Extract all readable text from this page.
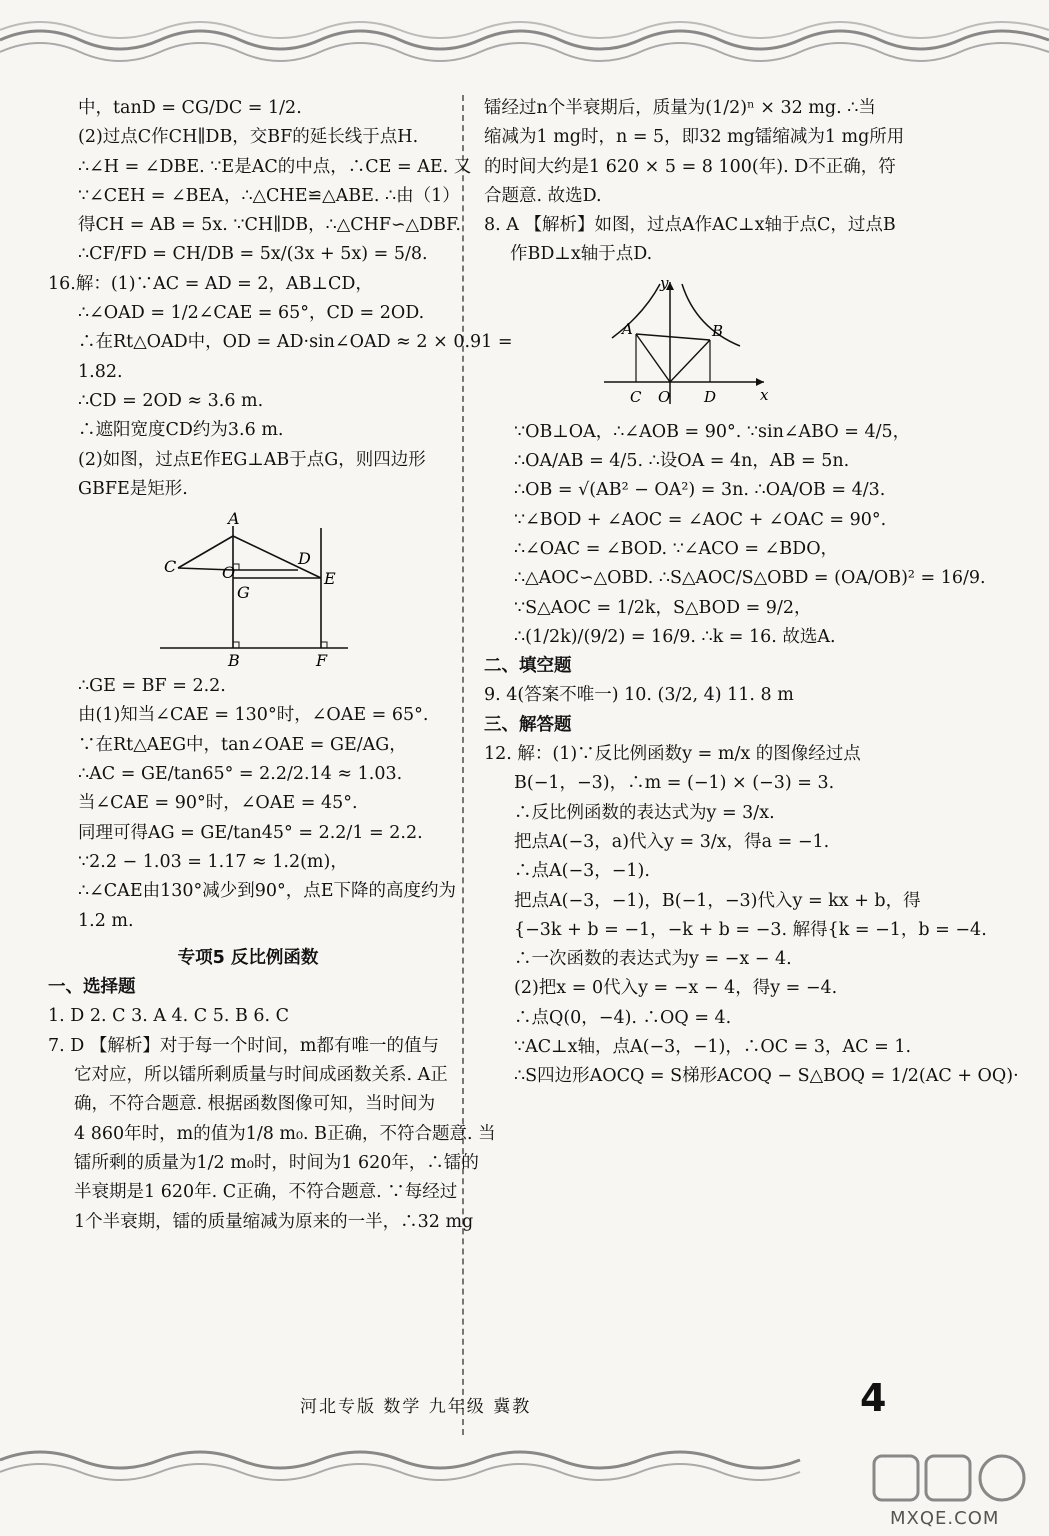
中，tanD = CG/DC = 1/2.
(2)过点C作CH∥DB，交BF的延长线于点H.
∴∠H = ∠DBE. ∵E是AC的中点，∴CE = AE. 又
∵∠CEH = ∠BEA，∴△CHE≌△ABE. ∴由（1）
得CH = AB = 5x. ∵CH∥DB，∴△CHF∽△DBF.
∴CF/FD = CH/DB = 5x/(3x + 5x) = 5/8.
16.解：(1)∵AC = AD = 2，AB⊥CD，
∴∠OAD = 1/2∠CAE = 65°，CD = 2OD.
∴在Rt△OAD中，OD = AD·sin∠OAD ≈ 2 × 0.91 =
1.82.
∴CD = 2OD ≈ 3.6 m.
∴遮阳宽度CD约为3.6 m.
(2)如图，过点E作EG⊥AB于点G，则四边形
GBFE是矩形.
A
C	O
G
D
E
B	F
∴GE = BF = 2.2.
由(1)知当∠CAE = 130°时，∠OAE = 65°.
∵在Rt△AEG中，tan∠OAE = GE/AG，
∴AC = GE/tan65° = 2.2/2.14 ≈ 1.03.
当∠CAE = 90°时，∠OAE = 45°.
同理可得AG = GE/tan45° = 2.2/1 = 2.2.
∵2.2 − 1.03 = 1.17 ≈ 1.2(m)，
∴∠CAE由130°减少到90°，点E下降的高度约为
1.2 m.
专项5 反比例函数
一、选择题
1. D 2. C 3. A 4. C 5. B 6. C
7. D 【解析】对于每一个时间，m都有唯一的值与
它对应，所以镭所剩质量与时间成函数关系. A正
确，不符合题意. 根据函数图像可知，当时间为
4 860年时，m的值为1/8 m₀. B正确，不符合题意. 当
镭所剩的质量为1/2 m₀时，时间为1 620年，∴镭的
半衰期是1 620年. C正确，不符合题意. ∵每经过
1个半衰期，镭的质量缩减为原来的一半，∴32 mg
镭经过n个半衰期后，质量为(1/2)ⁿ × 32 mg. ∴当
缩减为1 mg时，n = 5，即32 mg镭缩减为1 mg所用
的时间大约是1 620 × 5 = 8 100(年). D不正确，符
合题意. 故选D.
8. A 【解析】如图，过点A作AC⊥x轴于点C，过点B
作BD⊥x轴于点D.
y
A	B
C O D	x
∵OB⊥OA，∴∠AOB = 90°. ∵sin∠ABO = 4/5，
∴OA/AB = 4/5. ∴设OA = 4n，AB = 5n.
∴OB = √(AB² − OA²) = 3n. ∴OA/OB = 4/3.
∵∠BOD + ∠AOC = ∠AOC + ∠OAC = 90°.
∴∠OAC = ∠BOD. ∵∠ACO = ∠BDO，
∴△AOC∽△OBD. ∴S△AOC/S△OBD = (OA/OB)² = 16/9.
∵S△AOC = 1/2k，S△BOD = 9/2，
∴(1/2k)/(9/2) = 16/9. ∴k = 16. 故选A.
二、填空题
9. 4(答案不唯一) 10. (3/2, 4) 11. 8 m
三、解答题
12. 解：(1)∵反比例函数y = m/x 的图像经过点
B(−1，−3)，∴m = (−1) × (−3) = 3.
∴反比例函数的表达式为y = 3/x.
把点A(−3，a)代入y = 3/x，得a = −1.
∴点A(−3，−1).
把点A(−3，−1)，B(−1，−3)代入y = kx + b，得
{−3k + b = −1，−k + b = −3. 解得{k = −1，b = −4.
∴一次函数的表达式为y = −x − 4.
(2)把x = 0代入y = −x − 4，得y = −4.
∴点Q(0，−4). ∴OQ = 4.
∵AC⊥x轴，点A(−3，−1)，∴OC = 3，AC = 1.
∴S四边形AOCQ = S梯形ACOQ − S△BOQ = 1/2(AC + OQ)·
河北专版 数学 九年级 冀教	4
MXQE.COM
